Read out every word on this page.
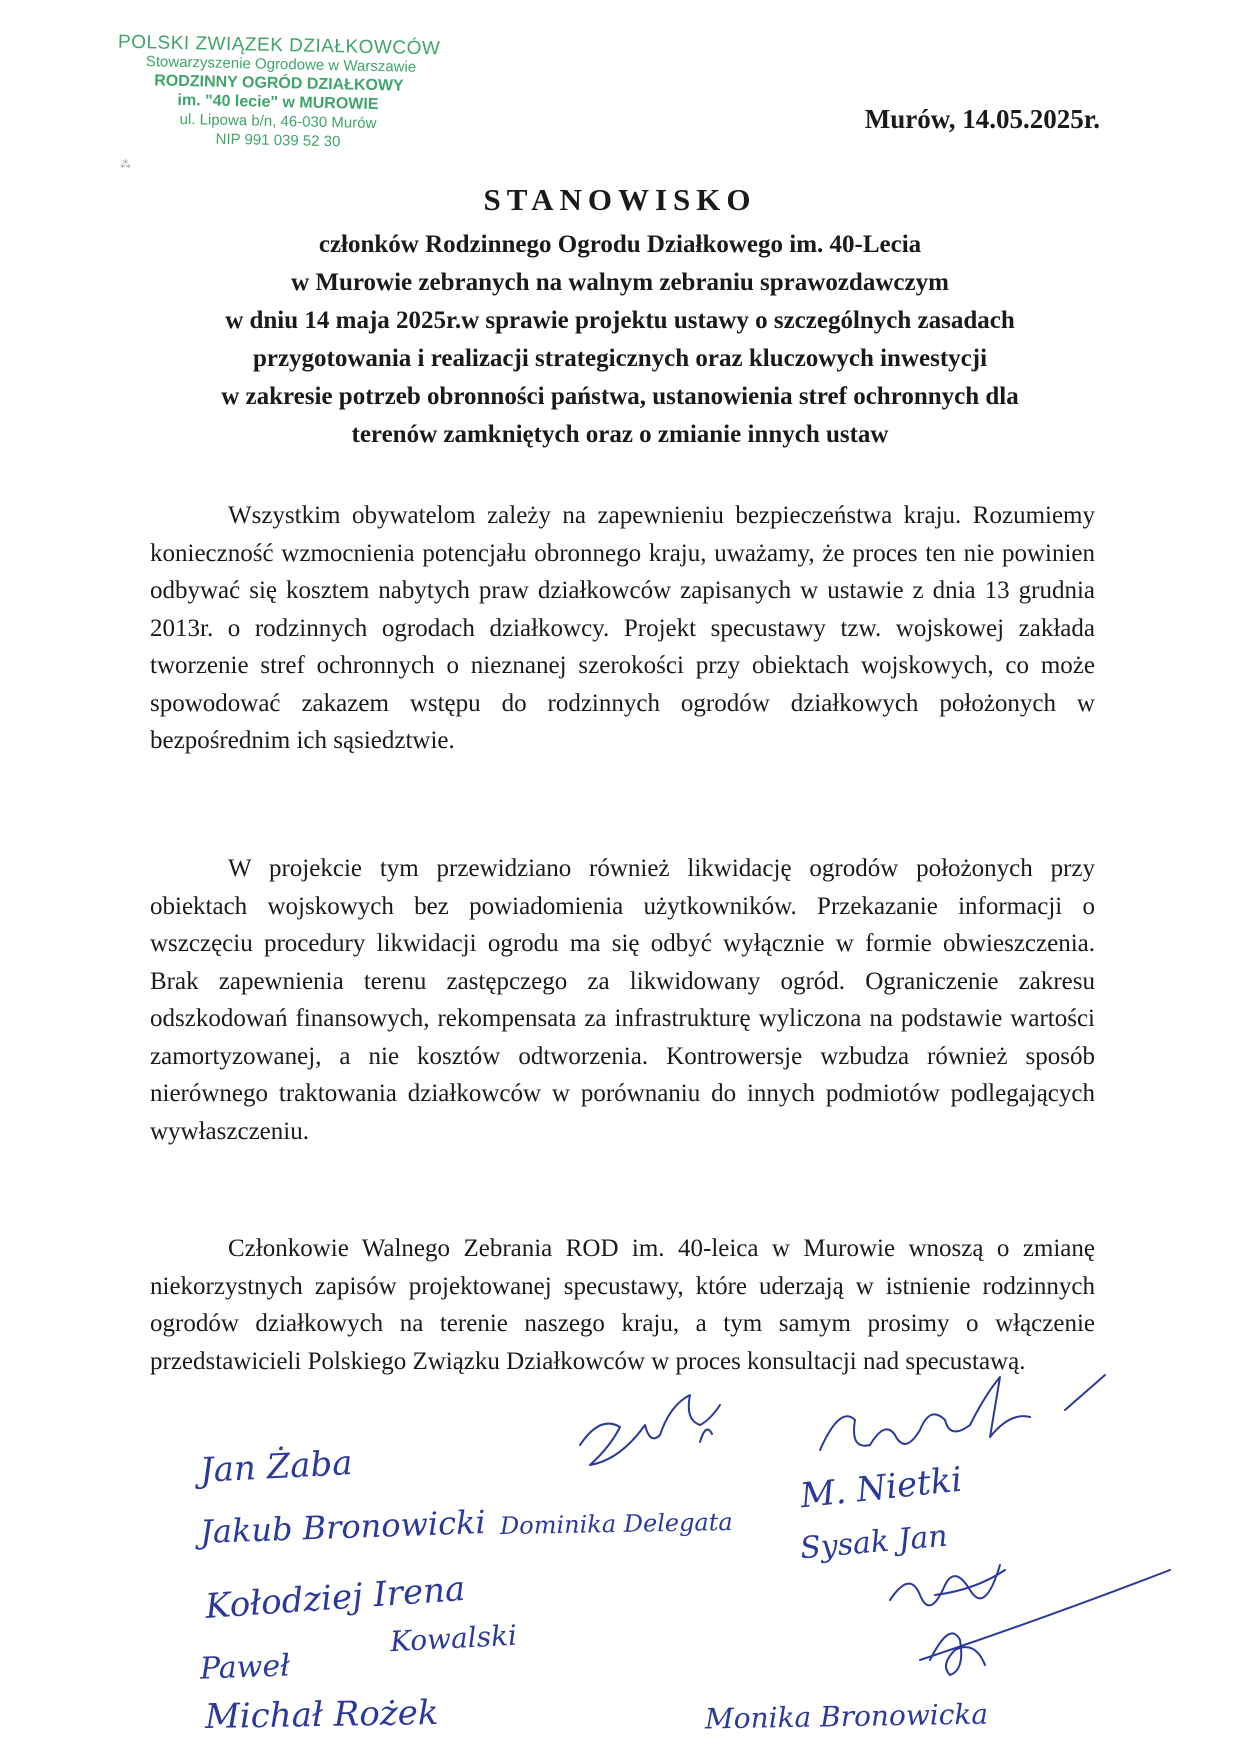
POLSKI ZWIĄZEK DZIAŁKOWCÓW
Stowarzyszenie Ogrodowe w Warszawie
RODZINNY OGRÓD DZIAŁKOWY
im. "40 lecie" w MUROWIE
ul. Lipowa b/n, 46-030 Murów
NIP 991 039 52 30
⁂
Murów, 14.05.2025r.
STANOWISKO
członków Rodzinnego Ogrodu Działkowego im. 40-Lecia
w Murowie zebranych na walnym zebraniu sprawozdawczym
w dniu 14 maja 2025r.w sprawie projektu ustawy o szczególnych zasadach
przygotowania i realizacji strategicznych oraz kluczowych inwestycji
w zakresie potrzeb obronności państwa, ustanowienia stref ochronnych dla
terenów zamkniętych oraz o zmianie innych ustaw

Wszystkim obywatelom zależy na zapewnieniu bezpieczeństwa kraju. Rozumiemy konieczność wzmocnienia potencjału obronnego kraju, uważamy, że proces ten nie powinien odbywać się kosztem nabytych praw działkowców zapisanych w ustawie z dnia 13 grudnia 2013r. o rodzinnych ogrodach działkowcy. Projekt specustawy tzw. wojskowej zakłada tworzenie stref ochronnych o nieznanej szerokości przy obiektach wojskowych, co może spowodować zakazem wstępu do rodzinnych ogrodów działkowych położonych w bezpośrednim ich sąsiedztwie.

W projekcie tym przewidziano również likwidację ogrodów położonych przy obiektach wojskowych bez powiadomienia użytkowników. Przekazanie informacji o wszczęciu procedury likwidacji ogrodu ma się odbyć wyłącznie w formie obwieszczenia. Brak zapewnienia terenu zastępczego za likwidowany ogród. Ograniczenie zakresu odszkodowań finansowych, rekompensata za infrastrukturę wyliczona na podstawie wartości zamortyzowanej, a nie kosztów odtworzenia. Kontrowersje wzbudza również sposób nierównego traktowania działkowców w porównaniu do innych podmiotów podlegających wywłaszczeniu.

Członkowie Walnego Zebrania ROD im. 40-leica w Murowie wnoszą o zmianę niekorzystnych zapisów projektowanej specustawy, które uderzają w istnienie rodzinnych ogrodów działkowych na terenie naszego kraju, a tym samym prosimy o włączenie przedstawicieli Polskiego Związku Działkowców w proces konsultacji nad specustawą.

Jan Żaba
Jakub Bronowicki Dominika Delegata
Kołodziej Irena
Kowalski
Paweł
Michał Rożek	Monika Bronowicka
M. Nietki
Sysak Jan
